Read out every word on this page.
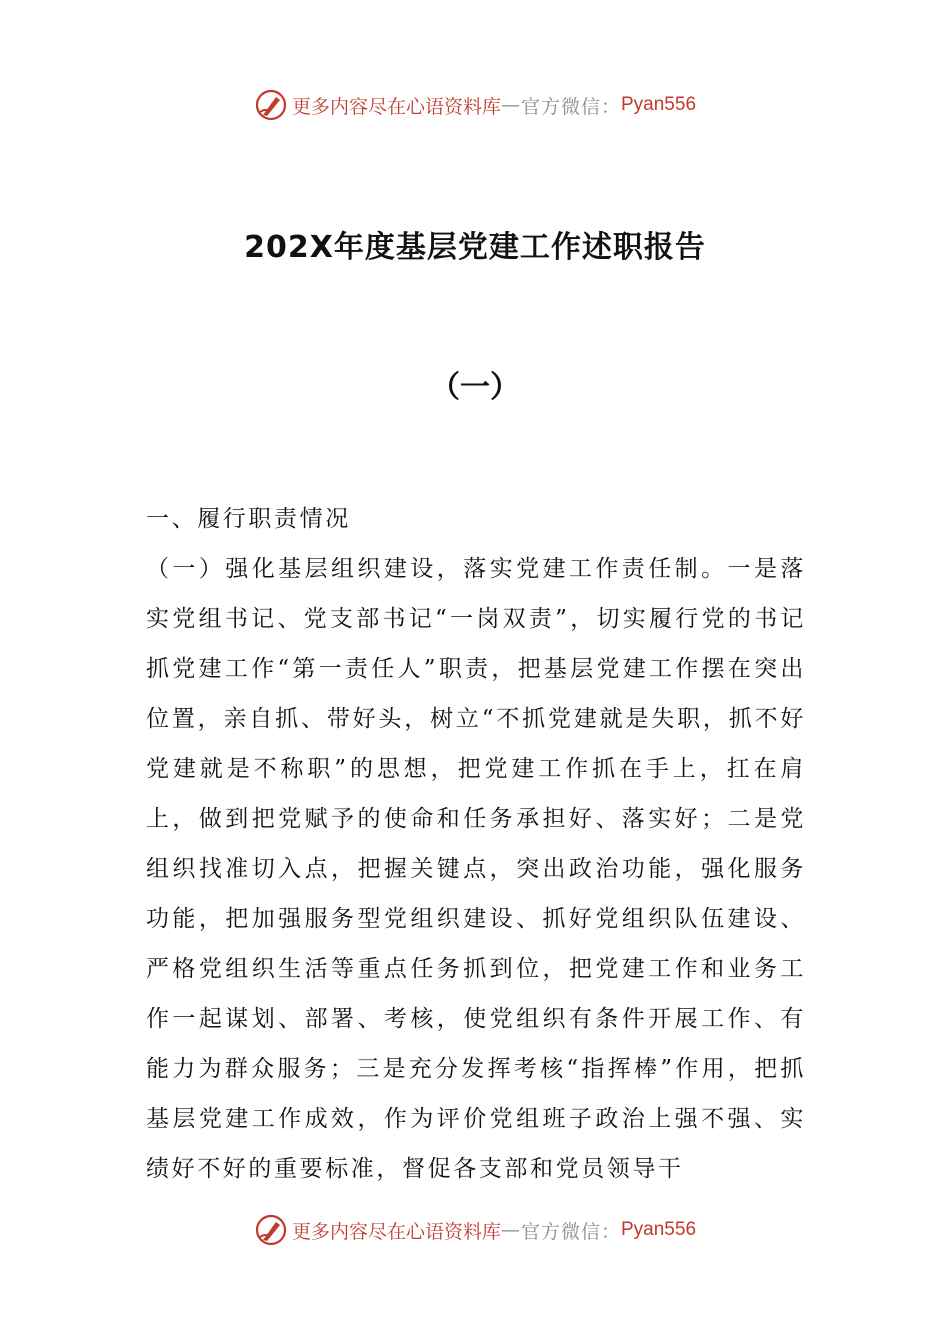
更多内容尽在心语资料库 — 官方微信： Pyan556
202X年度基层党建工作述职报告
（一）

一、履行职责情况

（一）强化基层组织建设，落实党建工作责任制。一是落实党组书记、党支部书记“一岗双责”，切实履行党的书记抓党建工作“第一责任人”职责，把基层党建工作摆在突出位置，亲自抓、带好头，树立“不抓党建就是失职，抓不好党建就是不称职”的思想，把党建工作抓在手上，扛在肩上，做到把党赋予的使命和任务承担好、落实好；二是党组织找准切入点，把握关键点，突出政治功能，强化服务功能，把加强服务型党组织建设、抓好党组织队伍建设、严格党组织生活等重点任务抓到位，把党建工作和业务工作一起谋划、部署、考核，使党组织有条件开展工作、有能力为群众服务；三是充分发挥考核“指挥棒”作用，把抓基层党建工作成效，作为评价党组班子政治上强不强、实绩好不好的重要标准，督促各支部和党员领导干

更多内容尽在心语资料库 — 官方微信： Pyan556
